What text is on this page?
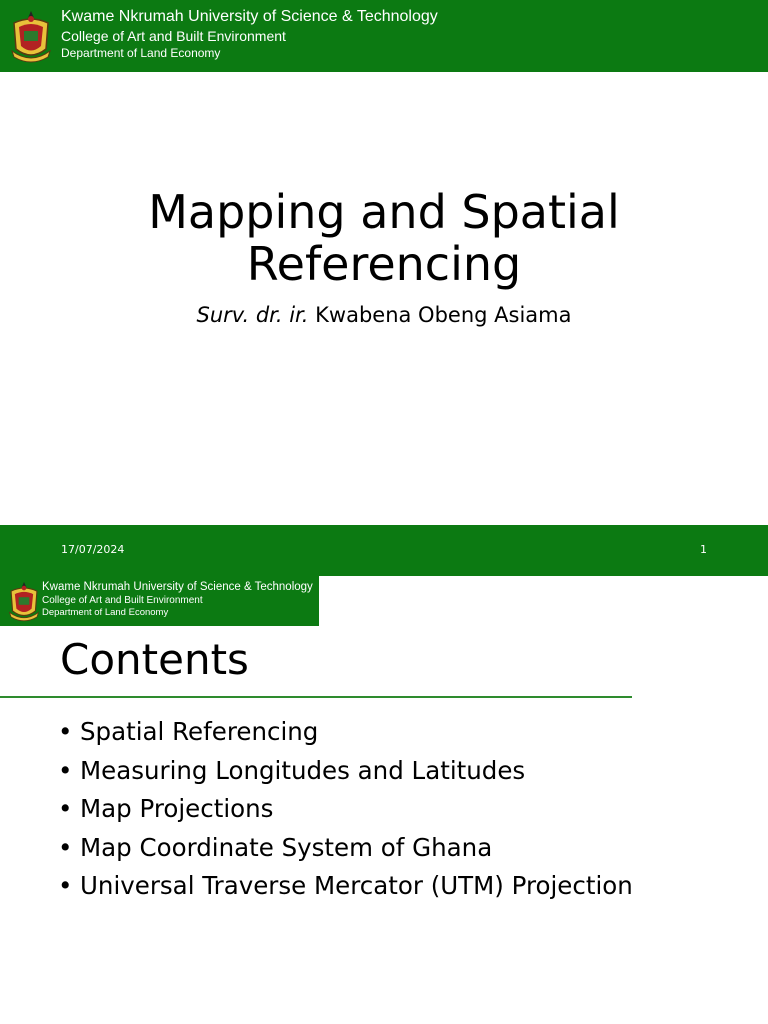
Kwame Nkrumah University of Science & Technology
College of Art and Built Environment
Department of Land Economy
Mapping and Spatial
Referencing
Surv. dr. ir. Kwabena Obeng Asiama
17/07/2024	1
Kwame Nkrumah University of Science & Technology
College of Art and Built Environment
Department of Land Economy
Contents
• Spatial Referencing
• Measuring Longitudes and Latitudes
• Map Projections
• Map Coordinate System of Ghana
• Universal Traverse Mercator (UTM) Projection
